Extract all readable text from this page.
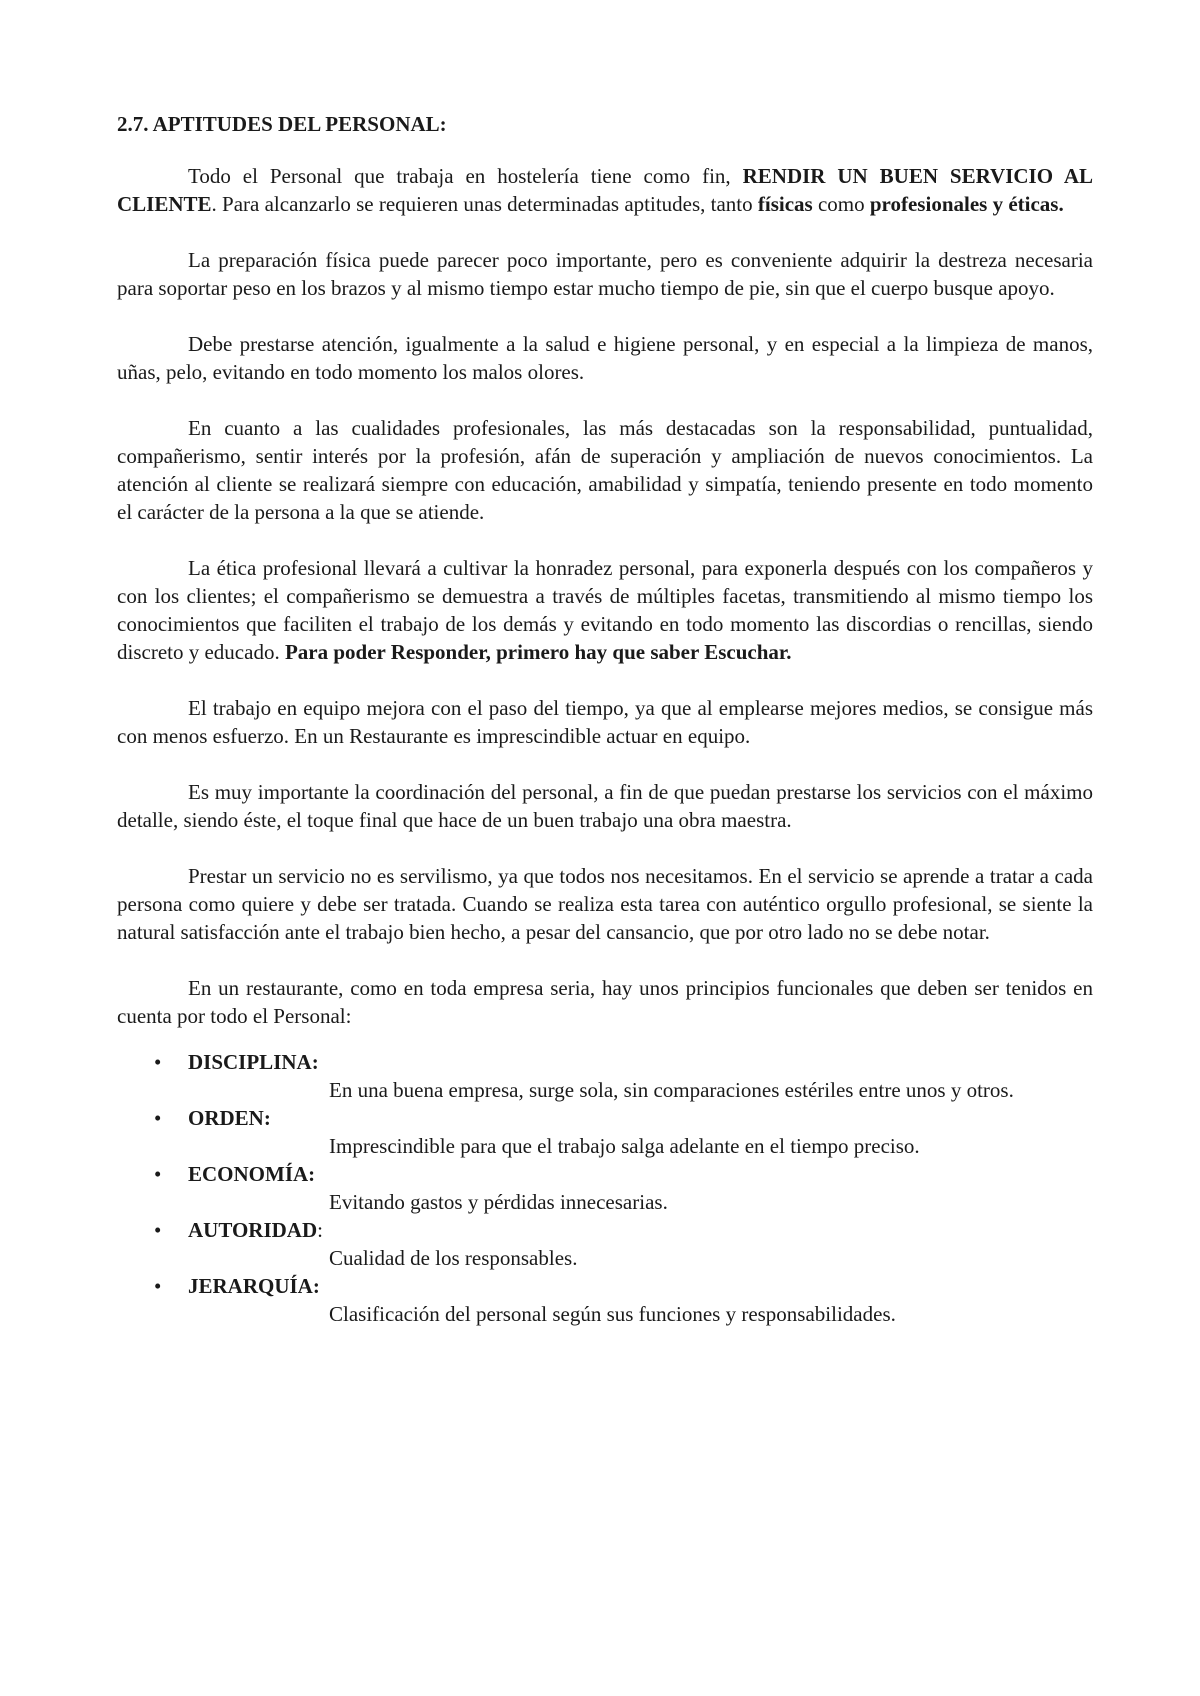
2.7. APTITUDES DEL PERSONAL:

Todo el Personal que trabaja en hostelería tiene como fin, RENDIR UN BUEN SERVICIO AL CLIENTE. Para alcanzarlo se requieren unas determinadas aptitudes, tanto físicas como profesionales y éticas.

La preparación física puede parecer poco importante, pero es conveniente adquirir la destreza necesaria para soportar peso en los brazos y al mismo tiempo estar mucho tiempo de pie, sin que el cuerpo busque apoyo.

Debe prestarse atención, igualmente a la salud e higiene personal, y en especial a la limpieza de manos, uñas, pelo, evitando en todo momento los malos olores.

En cuanto a las cualidades profesionales, las más destacadas son la responsabilidad, puntualidad, compañerismo, sentir interés por la profesión, afán de superación y ampliación de nuevos conocimientos. La atención al cliente se realizará siempre con educación, amabilidad y simpatía, teniendo presente en todo momento el carácter de la persona a la que se atiende.

La ética profesional llevará a cultivar la honradez personal, para exponerla después con los compañeros y con los clientes; el compañerismo se demuestra a través de múltiples facetas, transmitiendo al mismo tiempo los conocimientos que faciliten el trabajo de los demás y evitando en todo momento las discordias o rencillas, siendo discreto y educado. Para poder Responder, primero hay que saber Escuchar.

El trabajo en equipo mejora con el paso del tiempo, ya que al emplearse mejores medios, se consigue más con menos esfuerzo. En un Restaurante es imprescindible actuar en equipo.

Es muy importante la coordinación del personal, a fin de que puedan prestarse los servicios con el máximo detalle, siendo éste, el toque final que hace de un buen trabajo una obra maestra.

Prestar un servicio no es servilismo, ya que todos nos necesitamos. En el servicio se aprende a tratar a cada persona como quiere y debe ser tratada. Cuando se realiza esta tarea con auténtico orgullo profesional, se siente la natural satisfacción ante el trabajo bien hecho, a pesar del cansancio, que por otro lado no se debe notar.

En un restaurante, como en toda empresa seria, hay unos principios funcionales que deben ser tenidos en cuenta por todo el Personal:

•	DISCIPLINA:
En una buena empresa, surge sola, sin comparaciones estériles entre unos y otros.
•	ORDEN:
Imprescindible para que el trabajo salga adelante en el tiempo preciso.
•	ECONOMÍA:
Evitando gastos y pérdidas innecesarias.
•	AUTORIDAD:
Cualidad de los responsables.
•	JERARQUÍA:
Clasificación del personal según sus funciones y responsabilidades.
